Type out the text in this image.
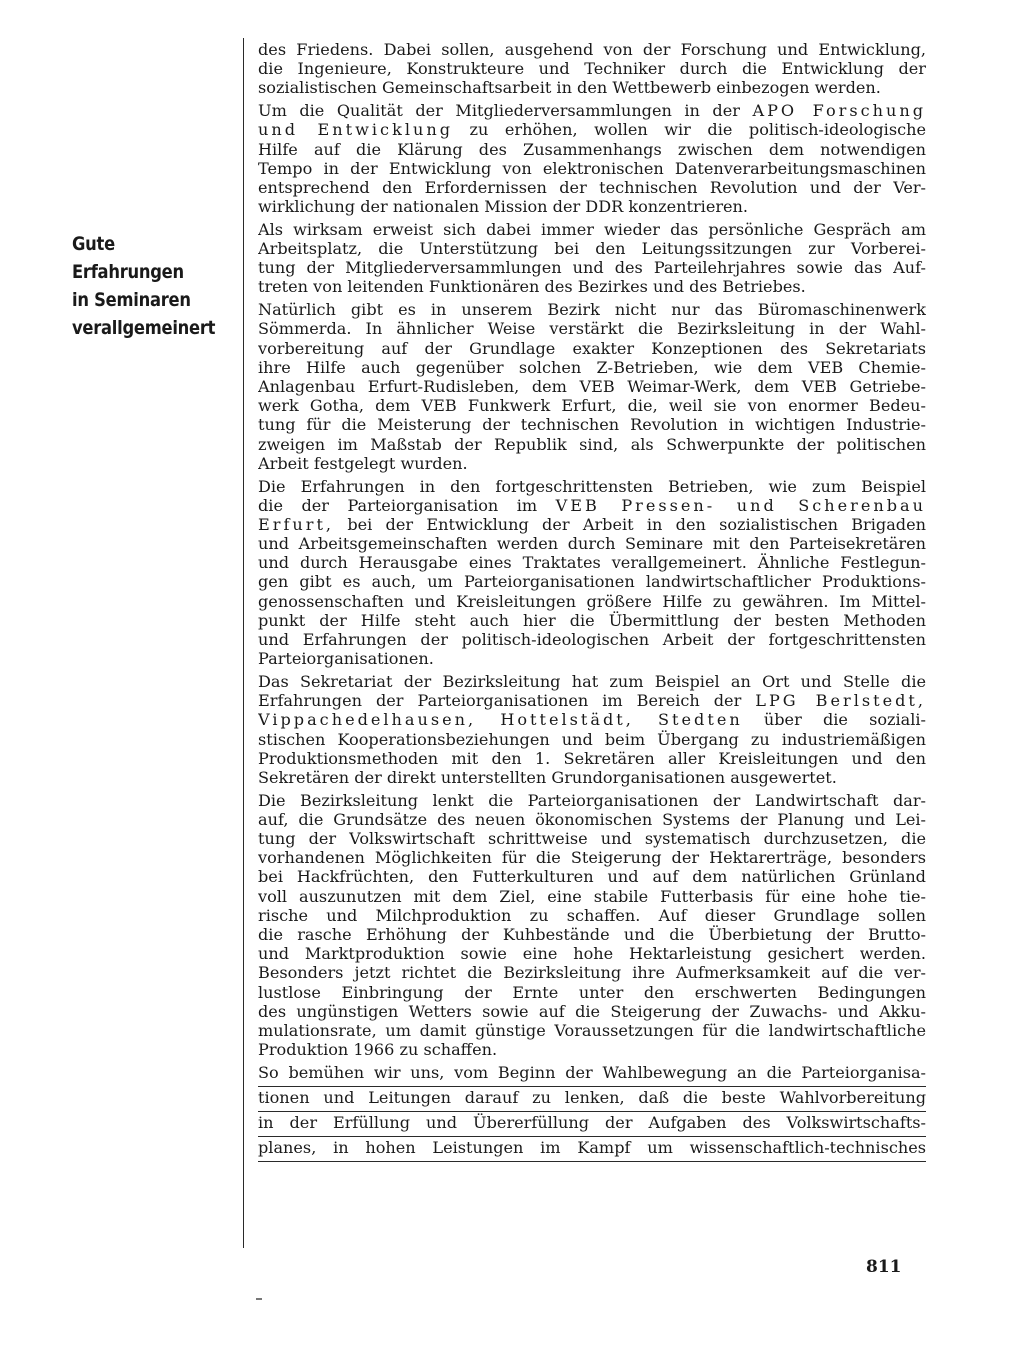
Gute
Erfahrungen
in Seminaren
verallgemeinert
des Friedens. Dabei sollen, ausgehend von der Forschung und Entwicklung,
die Ingenieure, Konstrukteure und Techniker durch die Entwicklung der
sozialistischen Gemeinschaftsarbeit in den Wettbewerb einbezogen werden.
Um die Qualität der Mitgliederversammlungen in der APO Forschung
und Entwicklung zu erhöhen, wollen wir die politisch-ideologische
Hilfe auf die Klärung des Zusammenhangs zwischen dem notwendigen
Tempo in der Entwicklung von elektronischen Datenverarbeitungsmaschinen
entsprechend den Erfordernissen der technischen Revolution und der Ver-
wirklichung der nationalen Mission der DDR konzentrieren.
Als wirksam erweist sich dabei immer wieder das persönliche Gespräch am
Arbeitsplatz, die Unterstützung bei den Leitungssitzungen zur Vorberei-
tung der Mitgliederversammlungen und des Parteilehrjahres sowie das Auf-
treten von leitenden Funktionären des Bezirkes und des Betriebes.
Natürlich gibt es in unserem Bezirk nicht nur das Büromaschinenwerk
Sömmerda. In ähnlicher Weise verstärkt die Bezirksleitung in der Wahl-
vorbereitung auf der Grundlage exakter Konzeptionen des Sekretariats
ihre Hilfe auch gegenüber solchen Z-Betrieben, wie dem VEB Chemie-
Anlagenbau Erfurt-Rudisleben, dem VEB Weimar-Werk, dem VEB Getriebe-
werk Gotha, dem VEB Funkwerk Erfurt, die, weil sie von enormer Bedeu-
tung für die Meisterung der technischen Revolution in wichtigen Industrie-
zweigen im Maßstab der Republik sind, als Schwerpunkte der politischen
Arbeit festgelegt wurden.
Die Erfahrungen in den fortgeschrittensten Betrieben, wie zum Beispiel
die der Parteiorganisation im VEB Pressen- und Scherenbau
Erfurt, bei der Entwicklung der Arbeit in den sozialistischen Brigaden
und Arbeitsgemeinschaften werden durch Seminare mit den Parteisekretären
und durch Herausgabe eines Traktates verallgemeinert. Ähnliche Festlegun-
gen gibt es auch, um Parteiorganisationen landwirtschaftlicher Produktions-
genossenschaften und Kreisleitungen größere Hilfe zu gewähren. Im Mittel-
punkt der Hilfe steht auch hier die Übermittlung der besten Methoden
und Erfahrungen der politisch-ideologischen Arbeit der fortgeschrittensten
Parteiorganisationen.
Das Sekretariat der Bezirksleitung hat zum Beispiel an Ort und Stelle die
Erfahrungen der Parteiorganisationen im Bereich der LPG Berlstedt,
Vippachedelhausen, Hottelstädt, Stedten über die soziali-
stischen Kooperationsbeziehungen und beim Übergang zu industriemäßigen
Produktionsmethoden mit den 1. Sekretären aller Kreisleitungen und den
Sekretären der direkt unterstellten Grundorganisationen ausgewertet.
Die Bezirksleitung lenkt die Parteiorganisationen der Landwirtschaft dar-
auf, die Grundsätze des neuen ökonomischen Systems der Planung und Lei-
tung der Volkswirtschaft schrittweise und systematisch durchzusetzen, die
vorhandenen Möglichkeiten für die Steigerung der Hektarerträge, besonders
bei Hackfrüchten, den Futterkulturen und auf dem natürlichen Grünland
voll auszunutzen mit dem Ziel, eine stabile Futterbasis für eine hohe tie-
rische und Milchproduktion zu schaffen. Auf dieser Grundlage sollen
die rasche Erhöhung der Kuhbestände und die Überbietung der Brutto-
und Marktproduktion sowie eine hohe Hektarleistung gesichert werden.
Besonders jetzt richtet die Bezirksleitung ihre Aufmerksamkeit auf die ver-
lustlose Einbringung der Ernte unter den erschwerten Bedingungen
des ungünstigen Wetters sowie auf die Steigerung der Zuwachs- und Akku-
mulationsrate, um damit günstige Voraussetzungen für die landwirtschaftliche
Produktion 1966 zu schaffen.
So bemühen wir uns, vom Beginn der Wahlbewegung an die Parteiorganisa-
tionen und Leitungen darauf zu lenken, daß die beste Wahlvorbereitung
in der Erfüllung und Übererfüllung der Aufgaben des Volkswirtschafts-
planes, in hohen Leistungen im Kampf um wissenschaftlich-technisches
811
